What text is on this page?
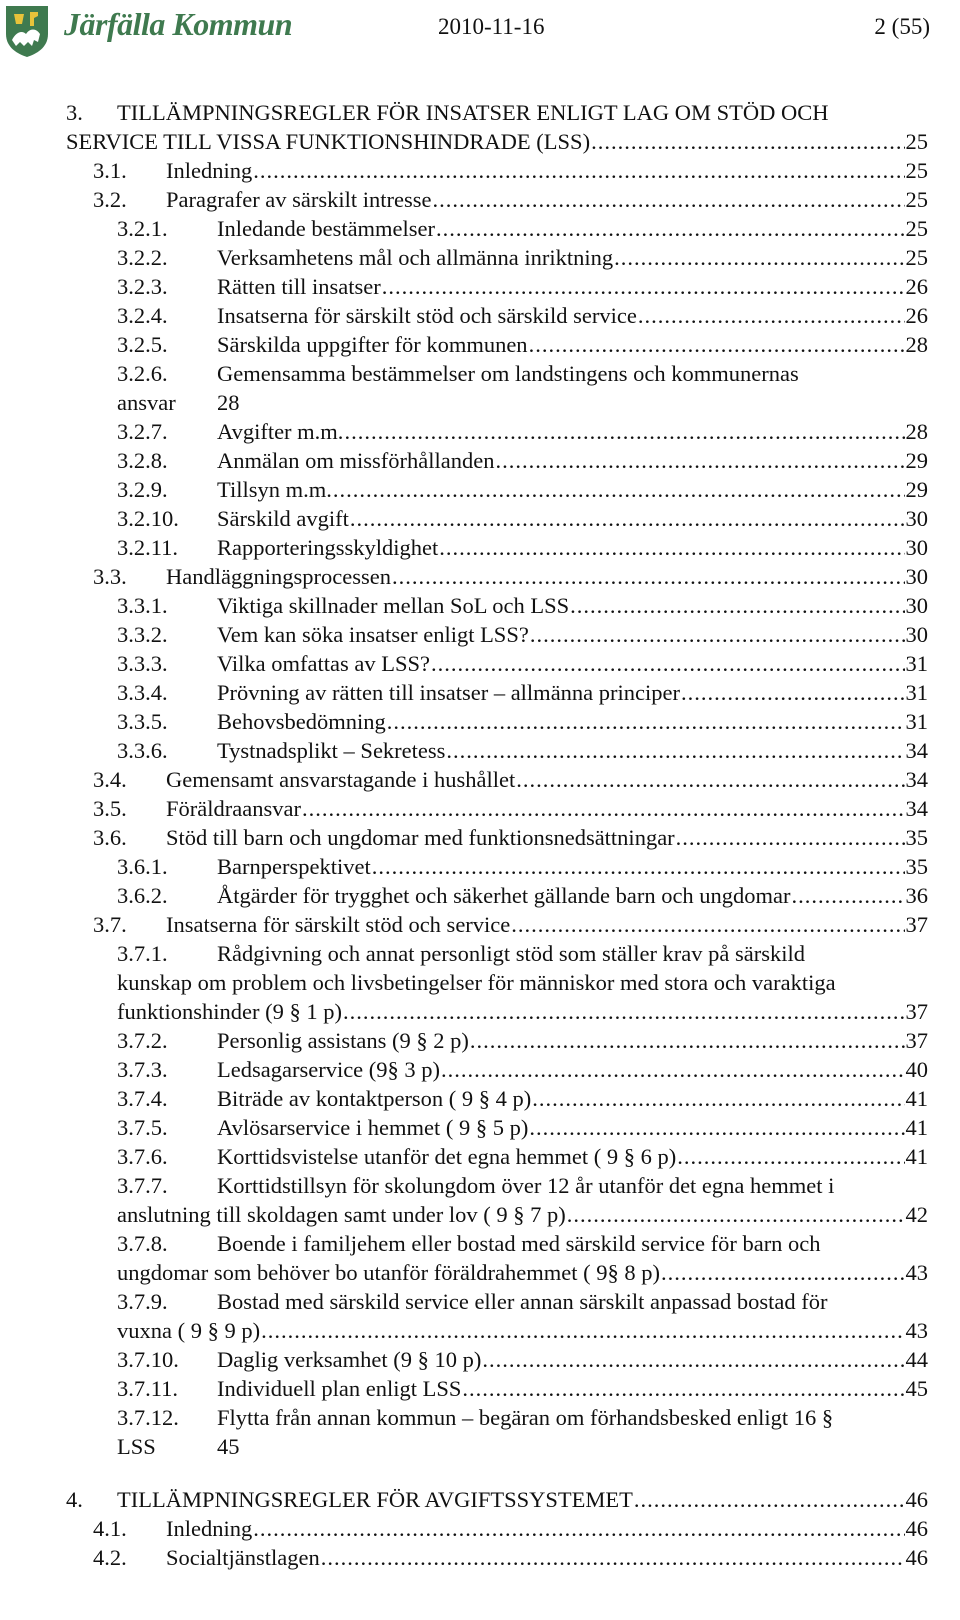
Järfälla Kommun	2010-11-16	2 (55)
3. TILLÄMPNINGSREGLER FÖR INSATSER ENLIGT LAG OM STÖD OCH
SERVICE TILL VISSA FUNKTIONSHINDRADE (LSS) .....	25
3.1.	Inledning .....	25
3.2.	Paragrafer av särskilt intresse .....	25
3.2.1.	Inledande bestämmelser .....	25
3.2.2.	Verksamhetens mål och allmänna inriktning .....	25
3.2.3.	Rätten till insatser .....	26
3.2.4.	Insatserna för särskilt stöd och särskild service .....	26
3.2.5.	Särskilda uppgifter för kommunen .....	28
3.2.6. Gemensamma bestämmelser om landstingens och kommunernas
ansvar 28
3.2.7.	Avgifter m.m. .....	28
3.2.8.	Anmälan om missförhållanden .....	29
3.2.9.	Tillsyn m.m. .....	29
3.2.10.	Särskild avgift .....	30
3.2.11.	Rapporteringsskyldighet .....	30
3.3.	Handläggningsprocessen .....	30
3.3.1.	Viktiga skillnader mellan SoL och LSS .....	30
3.3.2.	Vem kan söka insatser enligt LSS? .....	30
3.3.3.	Vilka omfattas av LSS? .....	31
3.3.4.	Prövning av rätten till insatser – allmänna principer .....	31
3.3.5.	Behovsbedömning .....	31
3.3.6.	Tystnadsplikt – Sekretess .....	34
3.4.	Gemensamt ansvarstagande i hushållet .....	34
3.5.	Föräldraansvar .....	34
3.6.	Stöd till barn och ungdomar med funktionsnedsättningar .....	35
3.6.1.	Barnperspektivet .....	35
3.6.2.	Åtgärder för trygghet och säkerhet gällande barn och ungdomar .....	36
3.7.	Insatserna för särskilt stöd och service .....	37
3.7.1. Rådgivning och annat personligt stöd som ställer krav på särskild
kunskap om problem och livsbetingelser för människor med stora och varaktiga
funktionshinder (9 § 1 p) .....	37
3.7.2.	Personlig assistans (9 § 2 p) .....	37
3.7.3.	Ledsagarservice (9§ 3 p) .....	40
3.7.4.	Biträde av kontaktperson ( 9 § 4 p) .....	41
3.7.5.	Avlösarservice i hemmet ( 9 § 5 p) .....	41
3.7.6.	Korttidsvistelse utanför det egna hemmet ( 9 § 6 p) .....	41
3.7.7. Korttidstillsyn för skolungdom över 12 år utanför det egna hemmet i
anslutning till skoldagen samt under lov ( 9 § 7 p) .....	42
3.7.8. Boende i familjehem eller bostad med särskild service för barn och
ungdomar som behöver bo utanför föräldrahemmet ( 9§ 8 p) .....	43
3.7.9. Bostad med särskild service eller annan särskilt anpassad bostad för
vuxna ( 9 § 9 p) .....	43
3.7.10.	Daglig verksamhet (9 § 10 p) .....	44
3.7.11.	Individuell plan enligt LSS .....	45
3.7.12. Flytta från annan kommun – begäran om förhandsbesked enligt 16 §
LSS	45
4.	TILLÄMPNINGSREGLER FÖR AVGIFTSSYSTEMET .....	46
4.1.	Inledning .....	46
4.2.	Socialtjänstlagen .....	46
